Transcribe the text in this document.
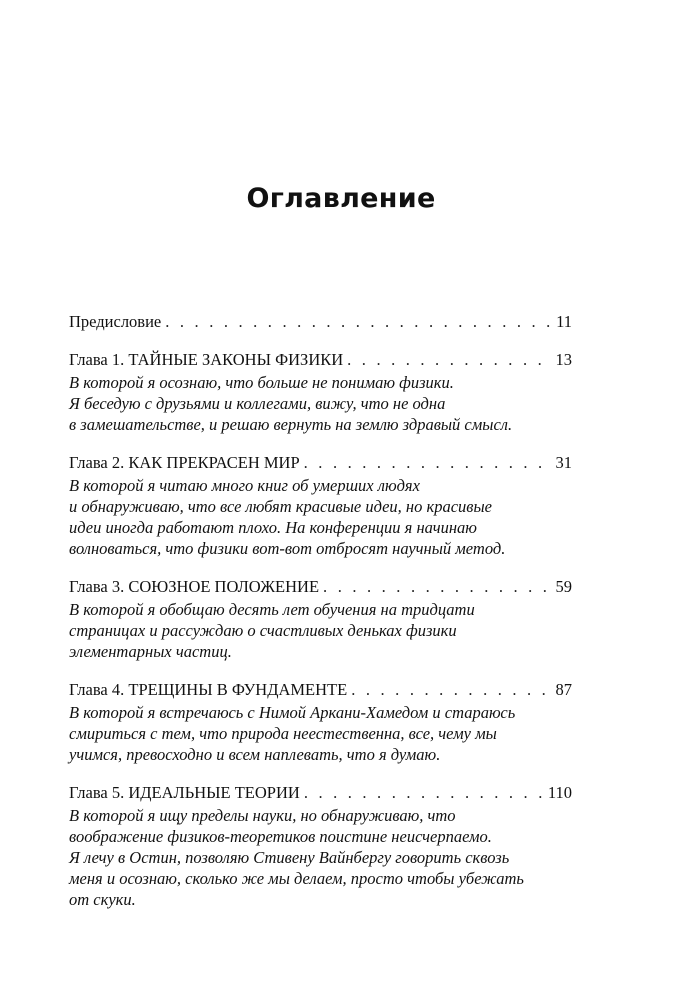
Оглавление
Предисловие . . .	11
Глава 1. ТАЙНЫЕ ЗАКОНЫ ФИЗИКИ . . .	13
В которой я осознаю, что больше не понимаю физики.
Я беседую с друзьями и коллегами, вижу, что не одна
в замешательстве, и решаю вернуть на землю здравый смысл.
Глава 2. КАК ПРЕКРАСЕН МИР . . .	31
В которой я читаю много книг об умерших людях
и обнаруживаю, что все любят красивые идеи, но красивые
идеи иногда работают плохо. На конференции я начинаю
волноваться, что физики вот-вот отбросят научный метод.
Глава 3. СОЮЗНОЕ ПОЛОЖЕНИЕ . . .	59
В которой я обобщаю десять лет обучения на тридцати
страницах и рассуждаю о счастливых деньках физики
элементарных частиц.
Глава 4. ТРЕЩИНЫ В ФУНДАМЕНТЕ . . .	87
В которой я встречаюсь с Нимой Аркани-Хамедом и стараюсь
смириться с тем, что природа неестественна, все, чему мы
учимся, превосходно и всем наплевать, что я думаю.
Глава 5. ИДЕАЛЬНЫЕ ТЕОРИИ . . .	110
В которой я ищу пределы науки, но обнаруживаю, что
воображение физиков-теоретиков поистине неисчерпаемо.
Я лечу в Остин, позволяю Стивену Вайнбергу говорить сквозь
меня и осознаю, сколько же мы делаем, просто чтобы убежать
от скуки.
